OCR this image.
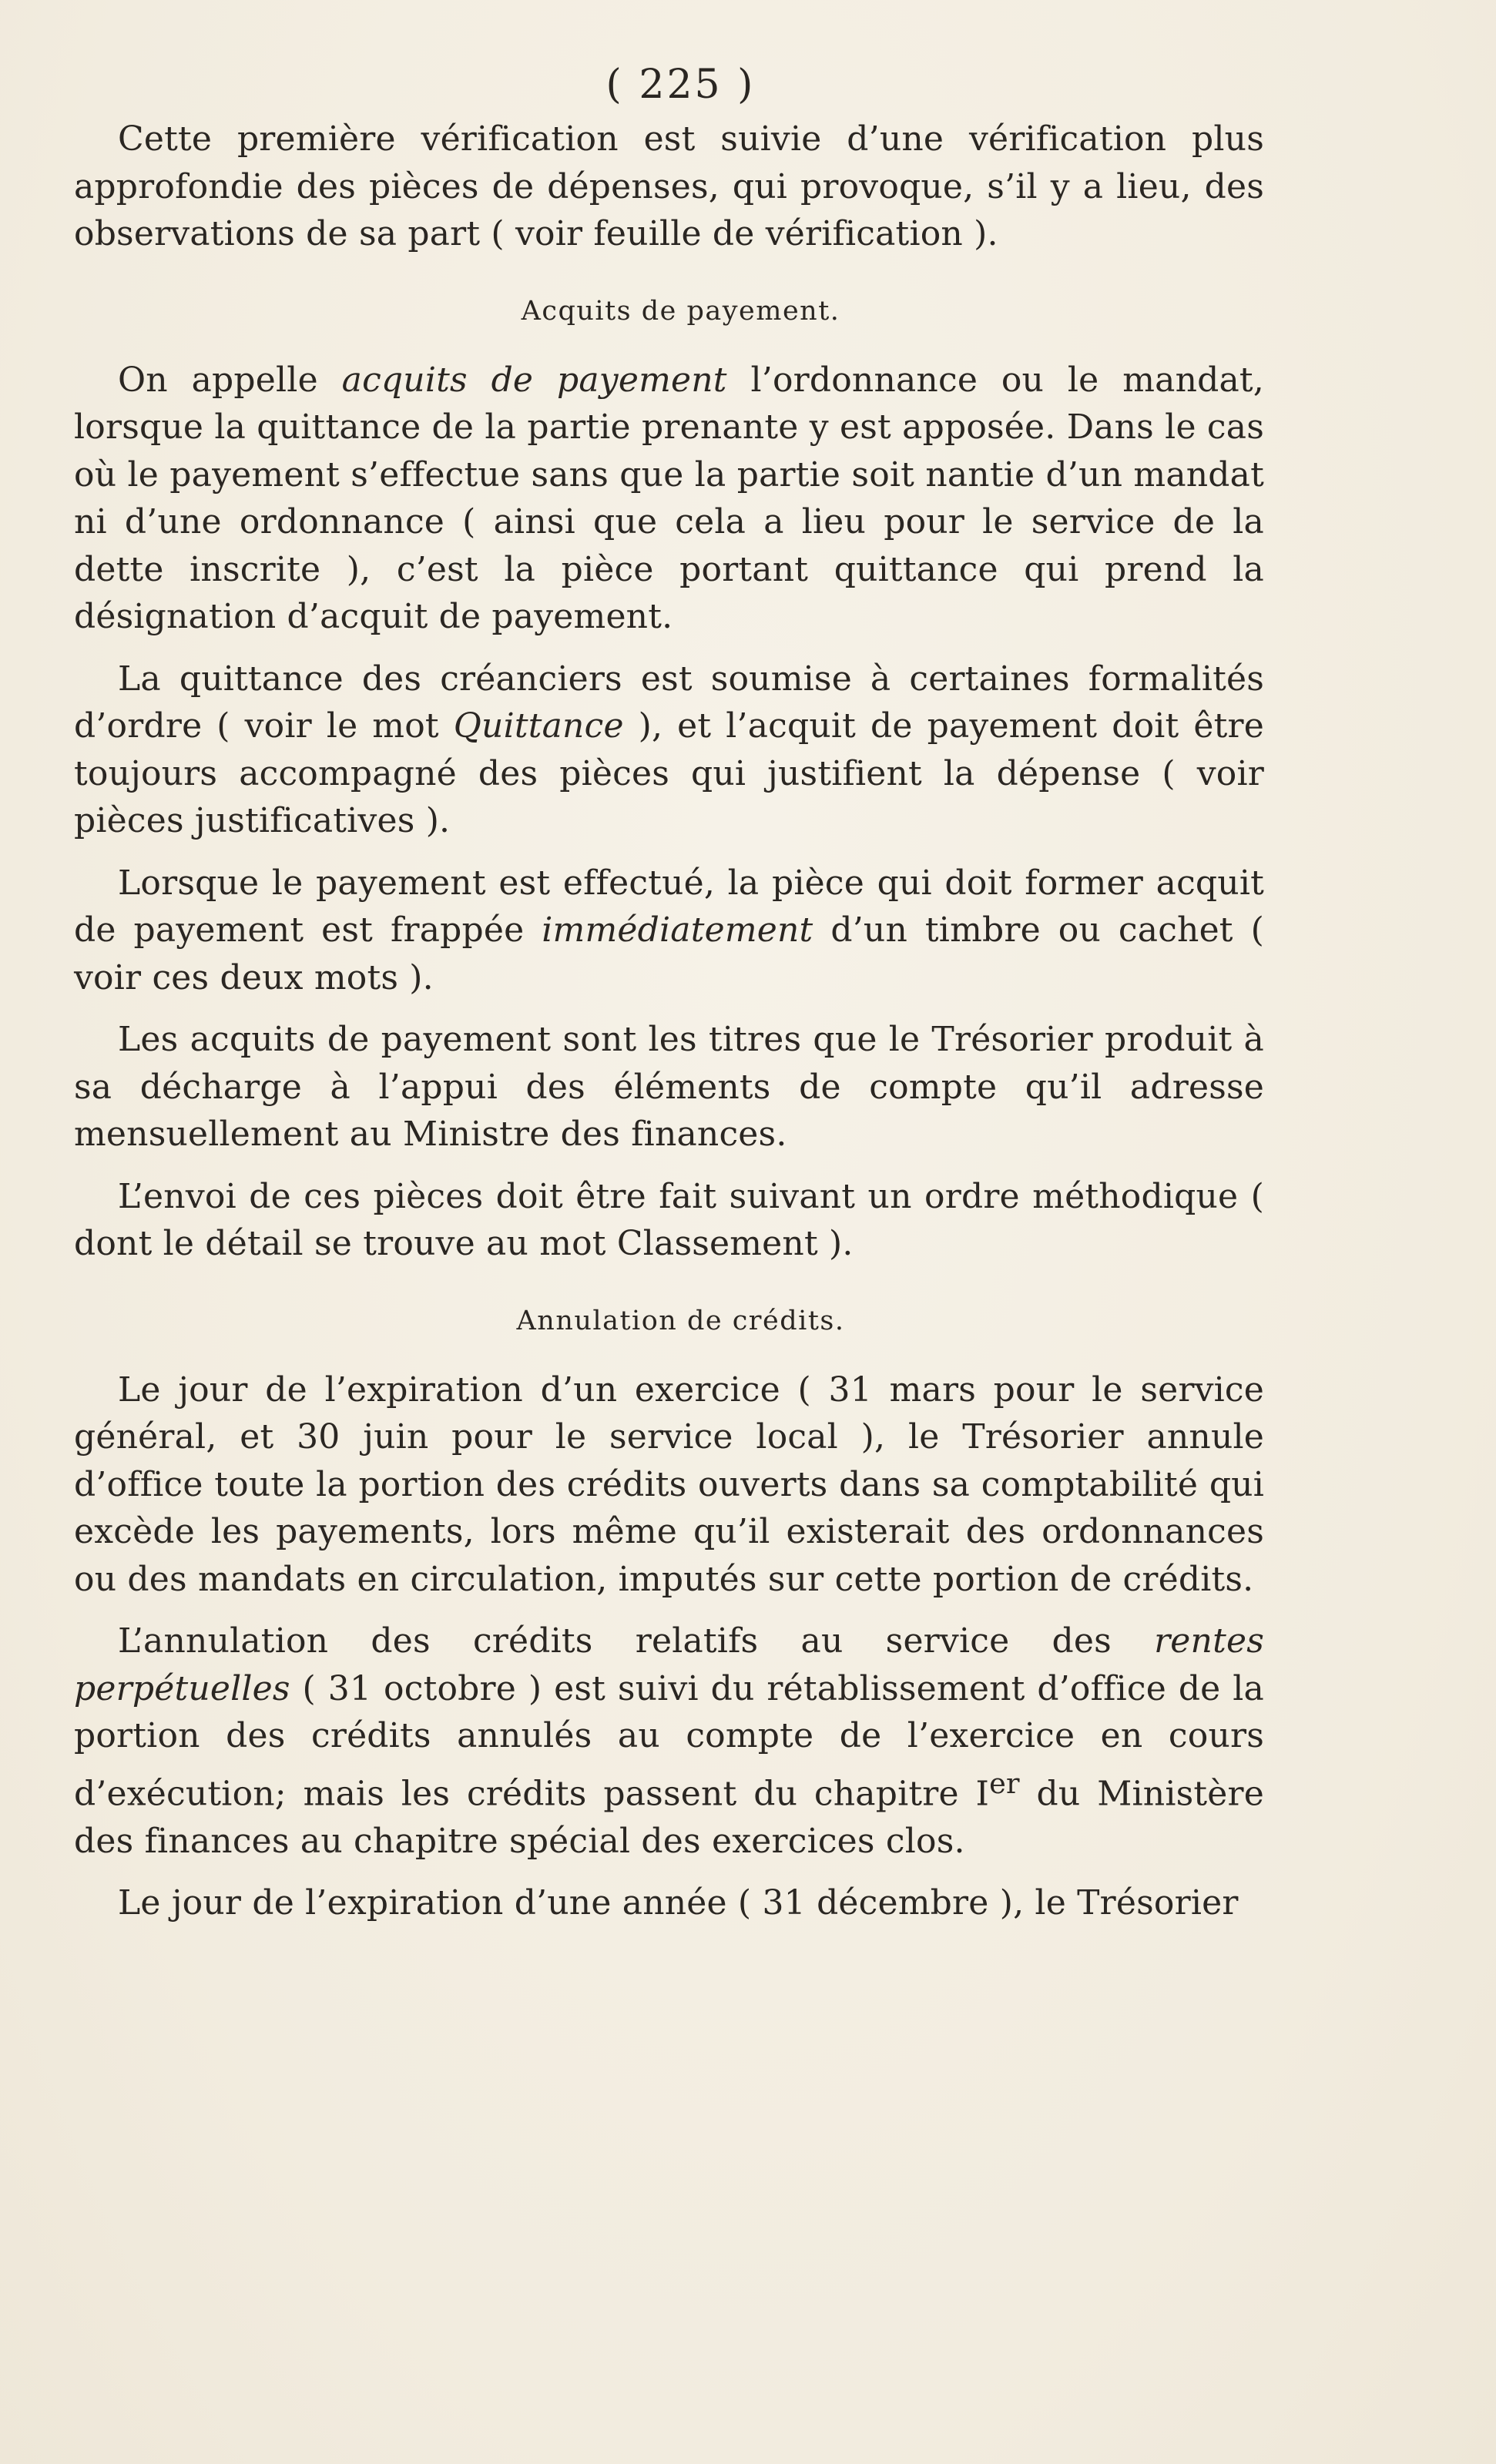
( 225 )

Cette première vérification est suivie d’une vérification plus approfondie des pièces de dépenses, qui provoque, s’il y a lieu, des observations de sa part ( voir feuille de vérification ).

Acquits de payement.

On appelle acquits de payement l’ordonnance ou le mandat, lorsque la quittance de la partie prenante y est apposée. Dans le cas où le payement s’effectue sans que la partie soit nantie d’un mandat ni d’une ordonnance ( ainsi que cela a lieu pour le service de la dette inscrite ), c’est la pièce portant quittance qui prend la désignation d’acquit de payement.

La quittance des créanciers est soumise à certaines formalités d’ordre ( voir le mot Quittance ), et l’acquit de payement doit être toujours accompagné des pièces qui justifient la dépense ( voir pièces justificatives ).

Lorsque le payement est effectué, la pièce qui doit former acquit de payement est frappée immédiatement d’un timbre ou cachet ( voir ces deux mots ).

Les acquits de payement sont les titres que le Trésorier produit à sa décharge à l’appui des éléments de compte qu’il adresse mensuellement au Ministre des finances.

L’envoi de ces pièces doit être fait suivant un ordre méthodique ( dont le détail se trouve au mot Classement ).

Annulation de crédits.

Le jour de l’expiration d’un exercice ( 31 mars pour le service général, et 30 juin pour le service local ), le Trésorier annule d’office toute la portion des crédits ouverts dans sa comptabilité qui excède les payements, lors même qu’il existerait des ordonnances ou des mandats en circulation, imputés sur cette portion de crédits.

L’annulation des crédits relatifs au service des rentes perpétuelles ( 31 octobre ) est suivi du rétablissement d’office de la portion des crédits annulés au compte de l’exercice en cours d’exécution; mais les crédits passent du chapitre Ier du Ministère des finances au chapitre spécial des exercices clos.

Le jour de l’expiration d’une année ( 31 décembre ), le Trésorier
